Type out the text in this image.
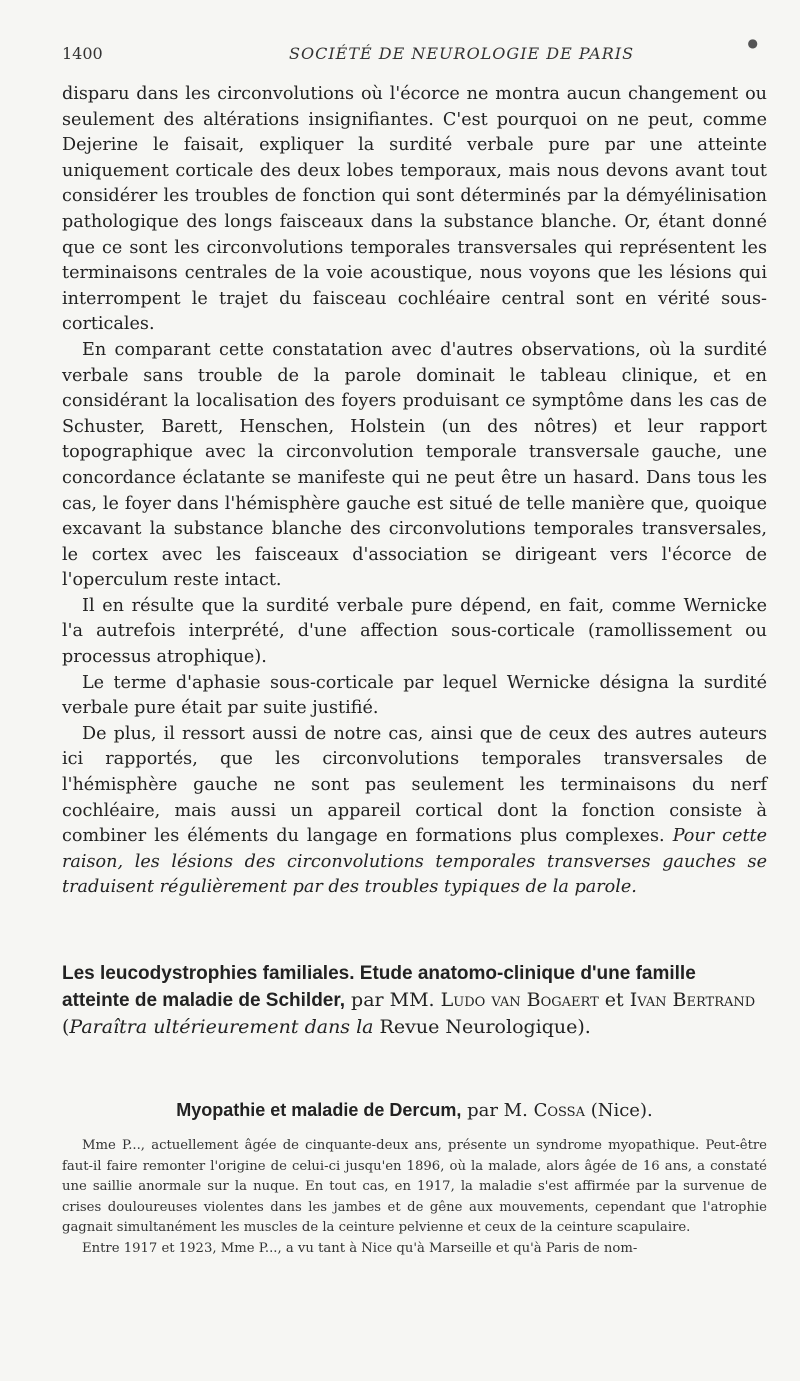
1400	SOCIÉTÉ DE NEUROLOGIE DE PARIS
●

disparu dans les circonvolutions où l'écorce ne montra aucun changement ou seulement des altérations insignifiantes. C'est pourquoi on ne peut, comme Dejerine le faisait, expliquer la surdité verbale pure par une atteinte uniquement corticale des deux lobes temporaux, mais nous devons avant tout considérer les troubles de fonction qui sont déterminés par la démyélinisation pathologique des longs faisceaux dans la substance blanche. Or, étant donné que ce sont les circonvolutions temporales transversales qui représentent les terminaisons centrales de la voie acoustique, nous voyons que les lésions qui interrompent le trajet du faisceau cochléaire central sont en vérité sous-corticales.

En comparant cette constatation avec d'autres observations, où la surdité verbale sans trouble de la parole dominait le tableau clinique, et en considérant la localisation des foyers produisant ce symptôme dans les cas de Schuster, Barett, Henschen, Holstein (un des nôtres) et leur rapport topographique avec la circonvolution temporale transversale gauche, une concordance éclatante se manifeste qui ne peut être un hasard. Dans tous les cas, le foyer dans l'hémisphère gauche est situé de telle manière que, quoique excavant la substance blanche des circonvolutions temporales transversales, le cortex avec les faisceaux d'association se dirigeant vers l'écorce de l'operculum reste intact.

Il en résulte que la surdité verbale pure dépend, en fait, comme Wernicke l'a autrefois interprété, d'une affection sous-corticale (ramollissement ou processus atrophique).

Le terme d'aphasie sous-corticale par lequel Wernicke désigna la surdité verbale pure était par suite justifié.

De plus, il ressort aussi de notre cas, ainsi que de ceux des autres auteurs ici rapportés, que les circonvolutions temporales transversales de l'hémisphère gauche ne sont pas seulement les terminaisons du nerf cochléaire, mais aussi un appareil cortical dont la fonction consiste à combiner les éléments du langage en formations plus complexes. Pour cette raison, les lésions des circonvolutions temporales transverses gauches se traduisent régulièrement par des troubles typiques de la parole.

Les leucodystrophies familiales. Etude anatomo-clinique d'une famille atteinte de maladie de Schilder, par MM. Ludo van Bogaert et Ivan Bertrand (Paraîtra ultérieurement dans la Revue Neurologique).
Myopathie et maladie de Dercum, par M. Cossa (Nice).

Mme P..., actuellement âgée de cinquante-deux ans, présente un syndrome myopathique. Peut-être faut-il faire remonter l'origine de celui-ci jusqu'en 1896, où la malade, alors âgée de 16 ans, a constaté une saillie anormale sur la nuque. En tout cas, en 1917, la maladie s'est affirmée par la survenue de crises douloureuses violentes dans les jambes et de gêne aux mouvements, cependant que l'atrophie gagnait simultanément les muscles de la ceinture pelvienne et ceux de la ceinture scapulaire.

Entre 1917 et 1923, Mme P..., a vu tant à Nice qu'à Marseille et qu'à Paris de nom-
